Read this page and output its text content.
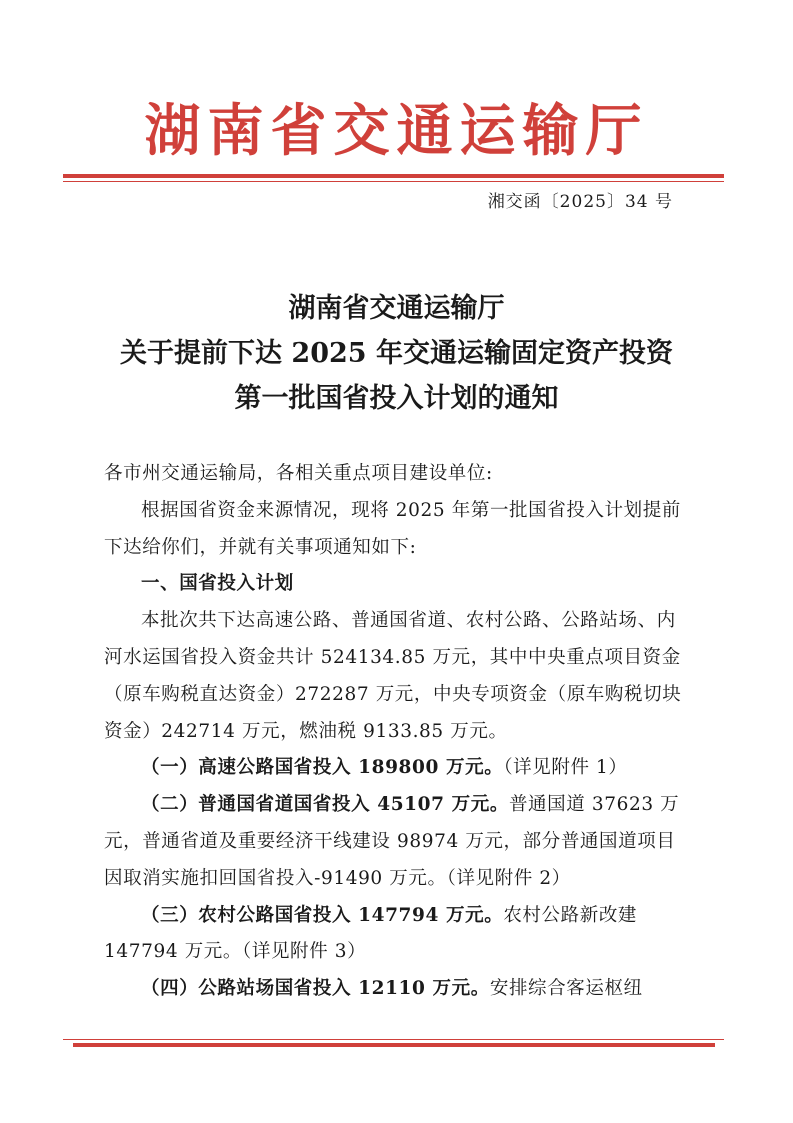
湖南省交通运输厅
湘交函〔2025〕34 号
湖南省交通运输厅
关于提前下达 2025 年交通运输固定资产投资
第一批国省投入计划的通知

各市州交通运输局，各相关重点项目建设单位:

根据国省资金来源情况，现将 2025 年第一批国省投入计划提前下达给你们，并就有关事项通知如下:

一、国省投入计划

本批次共下达高速公路、普通国省道、农村公路、公路站场、内河水运国省投入资金共计 524134.85 万元，其中中央重点项目资金（原车购税直达资金）272287 万元，中央专项资金（原车购税切块资金）242714 万元，燃油税 9133.85 万元。

（一）高速公路国省投入 189800 万元。（详见附件 1）

（二）普通国省道国省投入 45107 万元。普通国道 37623 万元，普通省道及重要经济干线建设 98974 万元，部分普通国道项目因取消实施扣回国省投入-91490 万元。（详见附件 2）

（三）农村公路国省投入 147794 万元。农村公路新改建 147794 万元。（详见附件 3）

（四）公路站场国省投入 12110 万元。安排综合客运枢纽
